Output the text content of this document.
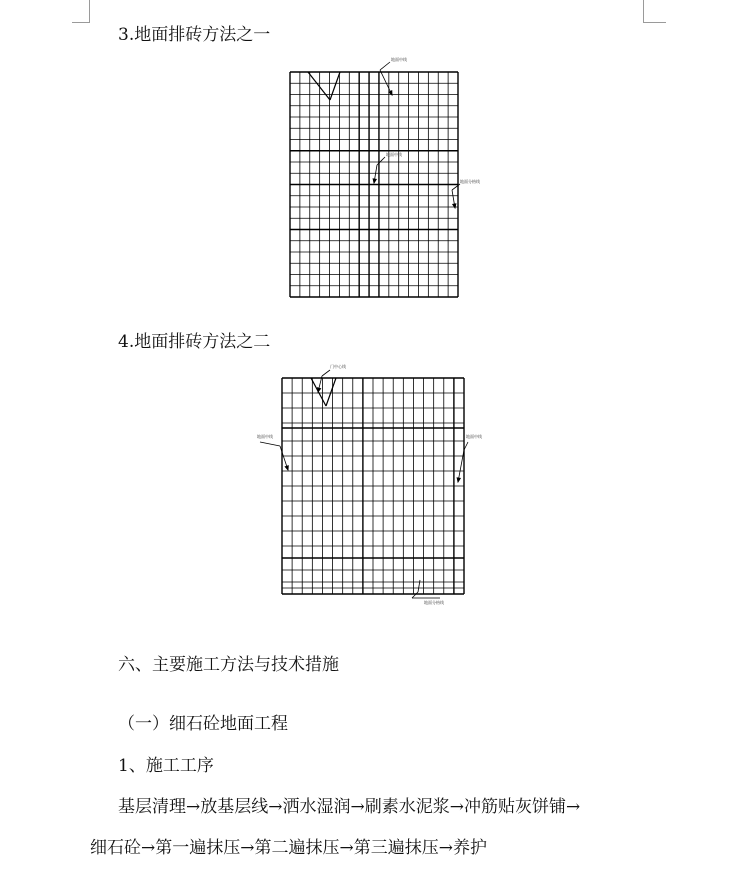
3.地面排砖方法之一
地面中线
地面中线
地面分格线
4.地面排砖方法之二
门中心线
地面中线	地面中线
地面分格线
六、主要施工方法与技术措施
（一）细石砼地面工程
1、施工工序
基层清理→放基层线→洒水湿润→刷素水泥浆→冲筋贴灰饼铺→
细石砼→第一遍抹压→第二遍抹压→第三遍抹压→养护
